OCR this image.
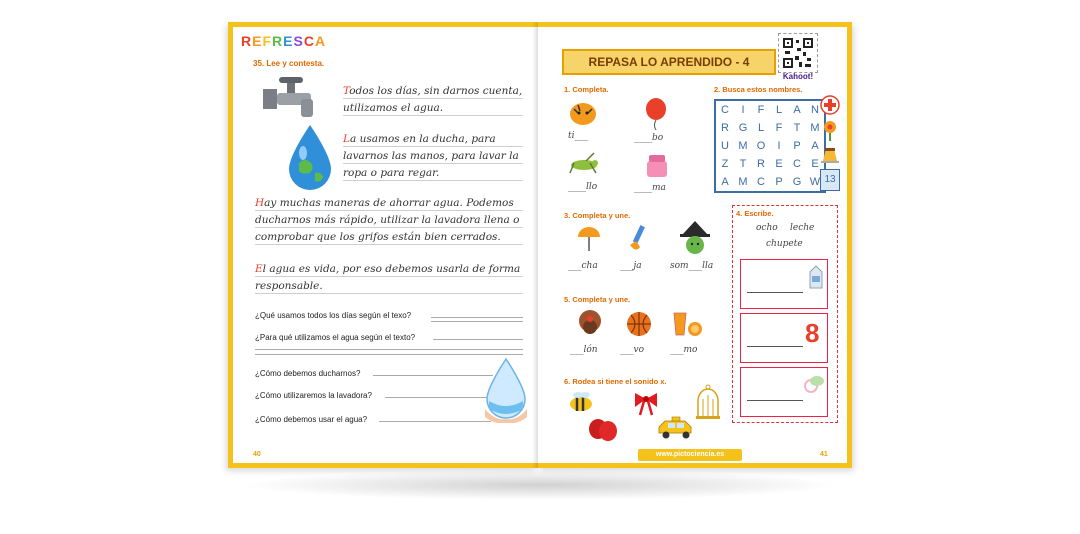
REFRESCA
35. Lee y contesta.
Todos los días, sin darnos cuenta, utilizamos el agua.
La usamos en la ducha, para lavarnos las manos, para lavar la ropa o para regar.
Hay muchas maneras de ahorrar agua. Podemos ducharnos más rápido, utilizar la lavadora llena o comprobar que los grifos están bien cerrados.
El agua es vida, por eso debemos usarla de forma responsable.
¿Qué usamos todos los días según el texo?
¿Para qué utilizamos el agua según el texto?
¿Cómo debemos ducharnos?
¿Cómo utilizaremos la lavadora?
¿Cómo debemos usar el agua?
40
REPASA LO APRENDIDO - 4
Kahoot!
1. Completa.
ti___	____bo
____llo	____ma
2. Busca estos nombres.
C	I	F	L	A	N
R	G	L	F	T	M
U	M	O	I	P	A
Z	T	R	E	C	E
A	M	C	P	G	W 13
3. Completa y une.
___cha	___ja	som___lla
4. Escribe.
ocho leche
chupete
8
5. Completa y une.
___lón	___vo	___mo
6. Rodea si tiene el sonido x.
www.pictociencia.es	41
